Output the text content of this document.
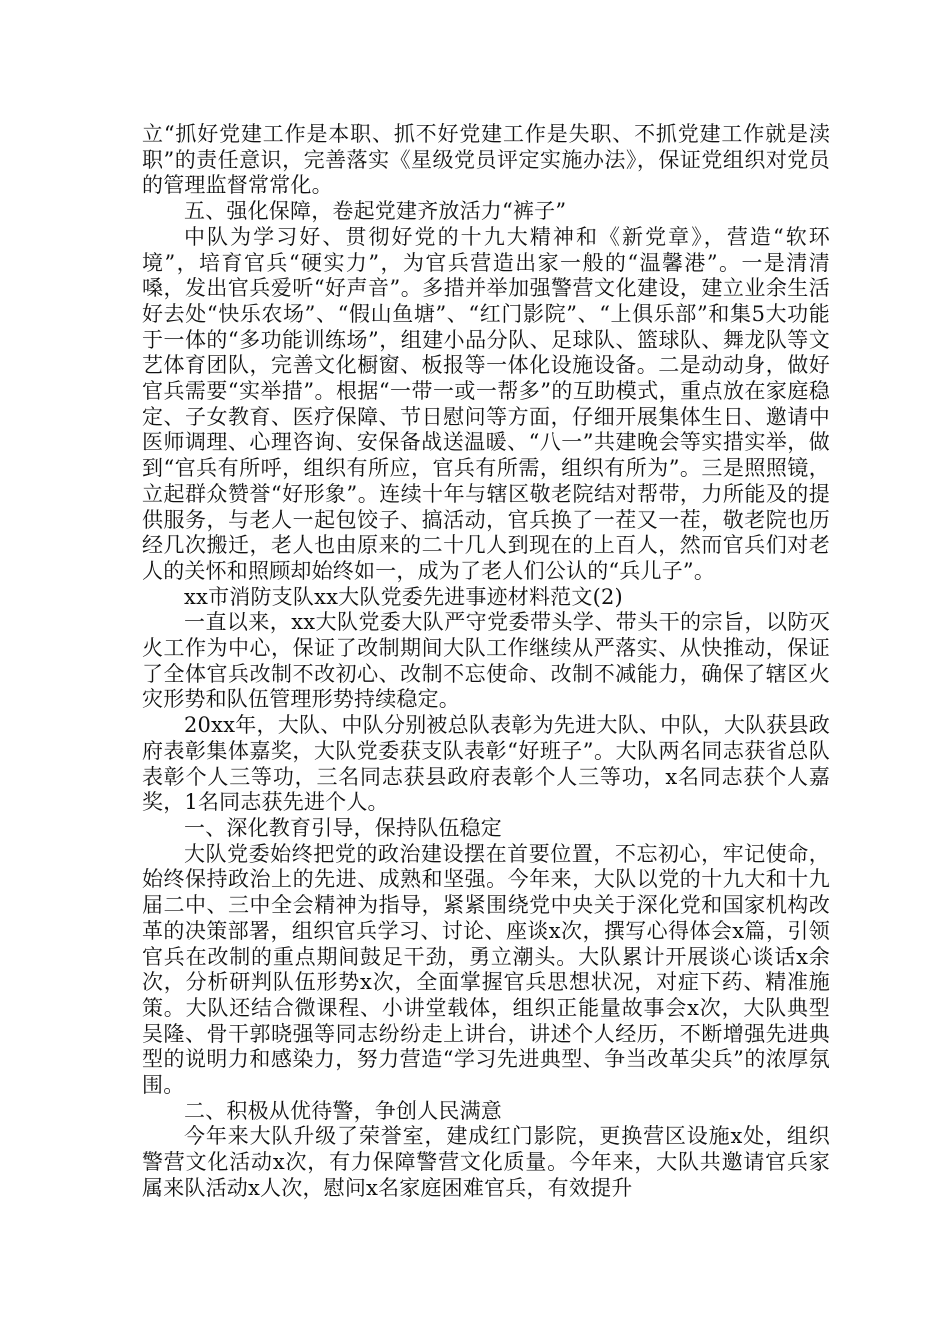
立“抓好党建工作是本职、抓不好党建工作是失职、不抓党建工作就是渎职”的责任意识，完善落实《星级党员评定实施办法》，保证党组织对党员的管理监督常常化。

五、强化保障，卷起党建齐放活力“裤子”

中队为学习好、贯彻好党的十九大精神和《新党章》，营造“软环境”，培育官兵“硬实力”，为官兵营造出家一般的“温馨港”。一是清清嗓，发出官兵爱听“好声音”。多措并举加强警营文化建设，建立业余生活好去处“快乐农场”、“假山鱼塘”、“红门影院”、“上俱乐部”和集5大功能于一体的“多功能训练场”，组建小品分队、足球队、篮球队、舞龙队等文艺体育团队，完善文化橱窗、板报等一体化设施设备。二是动动身，做好官兵需要“实举措”。根据“一带一或一帮多”的互助模式，重点放在家庭稳定、子女教育、医疗保障、节日慰问等方面，仔细开展集体生日、邀请中医师调理、心理咨询、安保备战送温暖、“八一”共建晚会等实措实举，做到“官兵有所呼，组织有所应，官兵有所需，组织有所为”。三是照照镜，立起群众赞誉“好形象”。连续十年与辖区敬老院结对帮带，力所能及的提供服务，与老人一起包饺子、搞活动，官兵换了一茬又一茬，敬老院也历经几次搬迁，老人也由原来的二十几人到现在的上百人，然而官兵们对老人的关怀和照顾却始终如一，成为了老人们公认的“兵儿子”。

xx市消防支队xx大队党委先进事迹材料范文(2)

一直以来，xx大队党委大队严守党委带头学、带头干的宗旨，以防灭火工作为中心，保证了改制期间大队工作继续从严落实、从快推动，保证了全体官兵改制不改初心、改制不忘使命、改制不减能力，确保了辖区火灾形势和队伍管理形势持续稳定。

20xx年，大队、中队分别被总队表彰为先进大队、中队，大队获县政府表彰集体嘉奖，大队党委获支队表彰“好班子”。大队两名同志获省总队表彰个人三等功，三名同志获县政府表彰个人三等功，x名同志获个人嘉奖，1名同志获先进个人。

一、深化教育引导，保持队伍稳定

大队党委始终把党的政治建设摆在首要位置，不忘初心，牢记使命，始终保持政治上的先进、成熟和坚强。今年来，大队以党的十九大和十九届二中、三中全会精神为指导，紧紧围绕党中央关于深化党和国家机构改革的决策部署，组织官兵学习、讨论、座谈x次，撰写心得体会x篇，引领官兵在改制的重点期间鼓足干劲，勇立潮头。大队累计开展谈心谈话x余次，分析研判队伍形势x次，全面掌握官兵思想状况，对症下药、精准施策。大队还结合微课程、小讲堂载体，组织正能量故事会x次，大队典型吴隆、骨干郭晓强等同志纷纷走上讲台，讲述个人经历，不断增强先进典型的说明力和感染力，努力营造“学习先进典型、争当改革尖兵”的浓厚氛围。

二、积极从优待警，争创人民满意

今年来大队升级了荣誉室，建成红门影院，更换营区设施x处，组织警营文化活动x次，有力保障警营文化质量。今年来，大队共邀请官兵家属来队活动x人次，慰问x名家庭困难官兵，有效提升
